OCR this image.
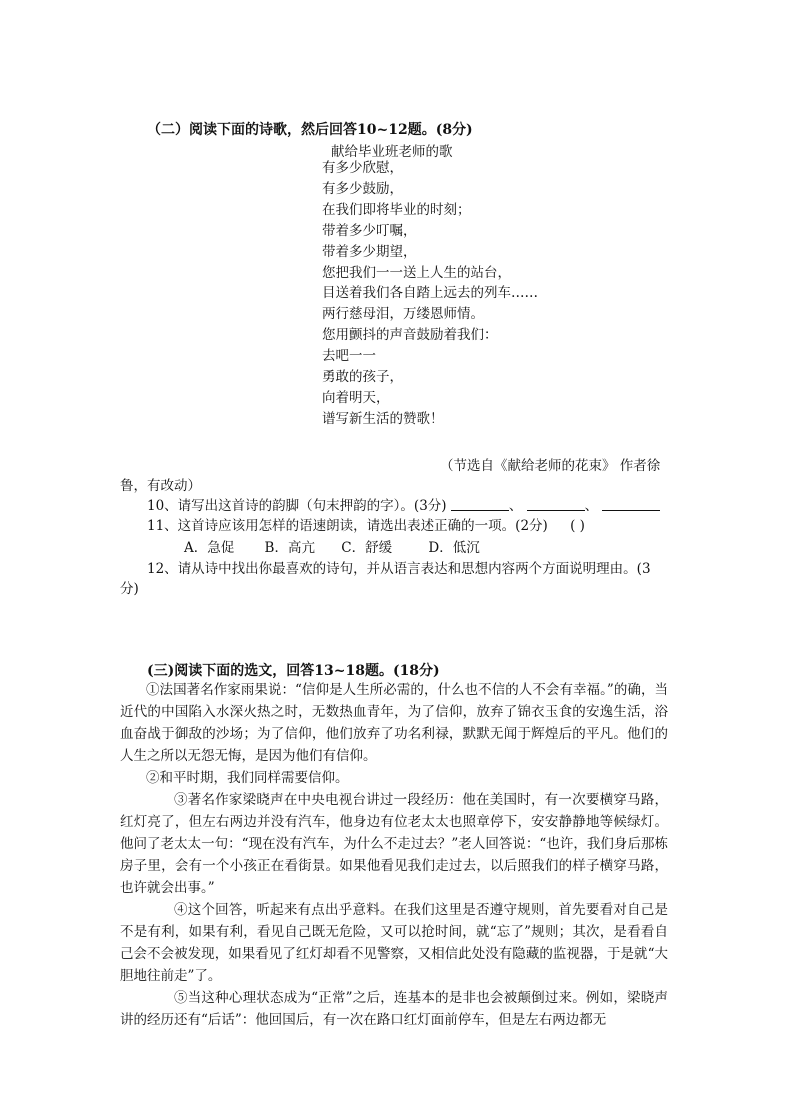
（二）阅读下面的诗歌，然后回答10~12题。(8分)
献给毕业班老师的歌
有多少欣慰，
有多少鼓励，
在我们即将毕业的时刻；
带着多少叮嘱，
带着多少期望，
您把我们一一送上人生的站台，
目送着我们各自踏上远去的列车……
两行慈母泪，万缕恩师情。
您用颤抖的声音鼓励着我们：
去吧一一
勇敢的孩子，
向着明天，
谱写新生活的赞歌！
（节选自《献给老师的花束》 作者徐
鲁，有改动）
10、请写出这首诗的韵脚（句末押韵的字）。(3分)	、	、
11、这首诗应该用怎样的语速朗读，请选出表述正确的一项。(2分) ( )
A．急促 B．高亢 C．舒缓	D．低沉
12、请从诗中找出你最喜欢的诗句，并从语言表达和思想内容两个方面说明理由。(3
分)
(三)阅读下面的选文，回答13~18题。(18分)
①法国著名作家雨果说：“信仰是人生所必需的，什么也不信的人不会有幸福。”的确，当近代的中国陷入水深火热之时，无数热血青年，为了信仰，放弃了锦衣玉食的安逸生活，浴血奋战于御敌的沙场；为了信仰，他们放弃了功名利禄，默默无闻于辉煌后的平凡。他们的人生之所以无怨无悔，是因为他们有信仰。
②和平时期，我们同样需要信仰。
③著名作家梁晓声在中央电视台讲过一段经历：他在美国时，有一次要横穿马路，红灯亮了，但左右两边并没有汽车，他身边有位老太太也照章停下，安安静静地等候绿灯。他问了老太太一句：“现在没有汽车，为什么不走过去？”老人回答说：“也许，我们身后那栋房子里，会有一个小孩正在看街景。如果他看见我们走过去，以后照我们的样子横穿马路，也许就会出事。”
④这个回答，听起来有点出乎意料。在我们这里是否遵守规则，首先要看对自己是不是有利，如果有利，看见自己既无危险，又可以抢时间，就“忘了”规则；其次，是看看自己会不会被发现，如果看见了红灯却看不见警察，又相信此处没有隐藏的监视器，于是就“大胆地往前走”了。
⑤当这种心理状态成为“正常”之后，连基本的是非也会被颠倒过来。例如，梁晓声讲的经历还有“后话”：他回国后，有一次在路口红灯面前停车，但是左右两边都无
